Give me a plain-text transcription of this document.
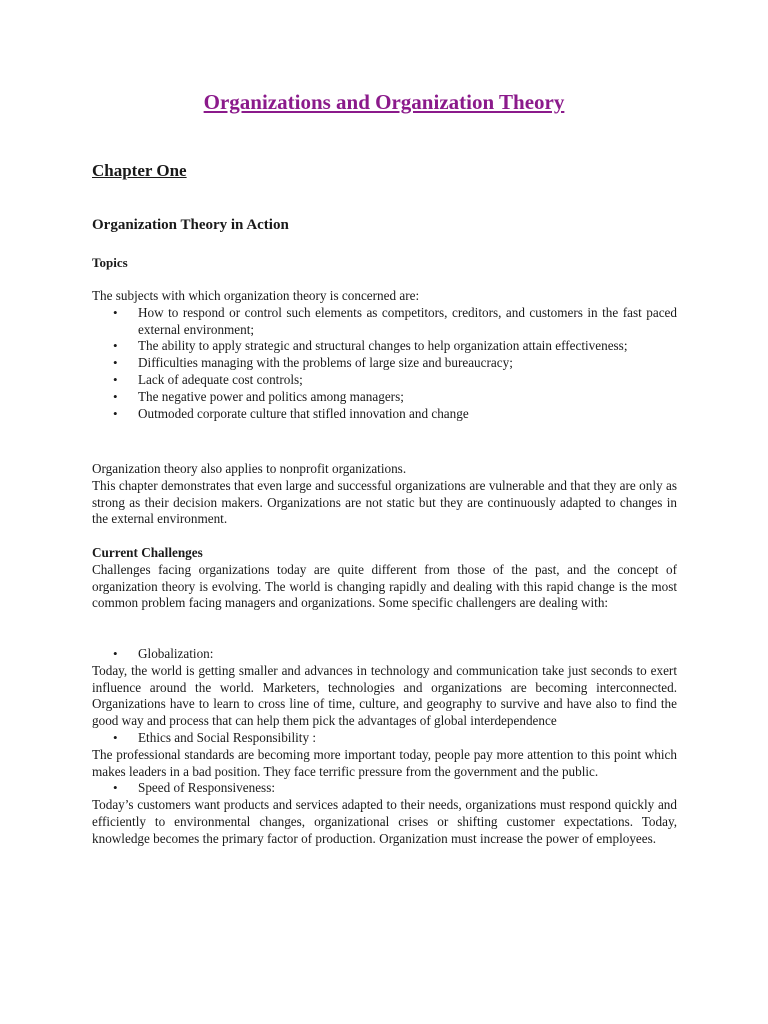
Organizations and Organization Theory
Chapter One
Organization Theory in Action
Topics

The subjects with which organization theory is concerned are:

• How to respond or control such elements as competitors, creditors, and customers in the fast paced external environment;
• The ability to apply strategic and structural changes to help organization attain effectiveness;
• Difficulties managing with the problems of large size and bureaucracy;
• Lack of adequate cost controls;
• The negative power and politics among managers;
• Outmoded corporate culture that stifled innovation and change

Organization theory also applies to nonprofit organizations.

This chapter demonstrates that even large and successful organizations are vulnerable and that they are only as strong as their decision makers. Organizations are not static but they are continuously adapted to changes in the external environment.

Current Challenges

Challenges facing organizations today are quite different from those of the past, and the concept of organization theory is evolving. The world is changing rapidly and dealing with this rapid change is the most common problem facing managers and organizations. Some specific challengers are dealing with:

• Globalization:

Today, the world is getting smaller and advances in technology and communication take just seconds to exert influence around the world. Marketers, technologies and organizations are becoming interconnected. Organizations have to learn to cross line of time, culture, and geography to survive and have also to find the good way and process that can help them pick the advantages of global interdependence

• Ethics and Social Responsibility :

The professional standards are becoming more important today, people pay more attention to this point which makes leaders in a bad position. They face terrific pressure from the government and the public.

• Speed of Responsiveness:

Today’s customers want products and services adapted to their needs, organizations must respond quickly and efficiently to environmental changes, organizational crises or shifting customer expectations. Today, knowledge becomes the primary factor of production. Organization must increase the power of employees.
